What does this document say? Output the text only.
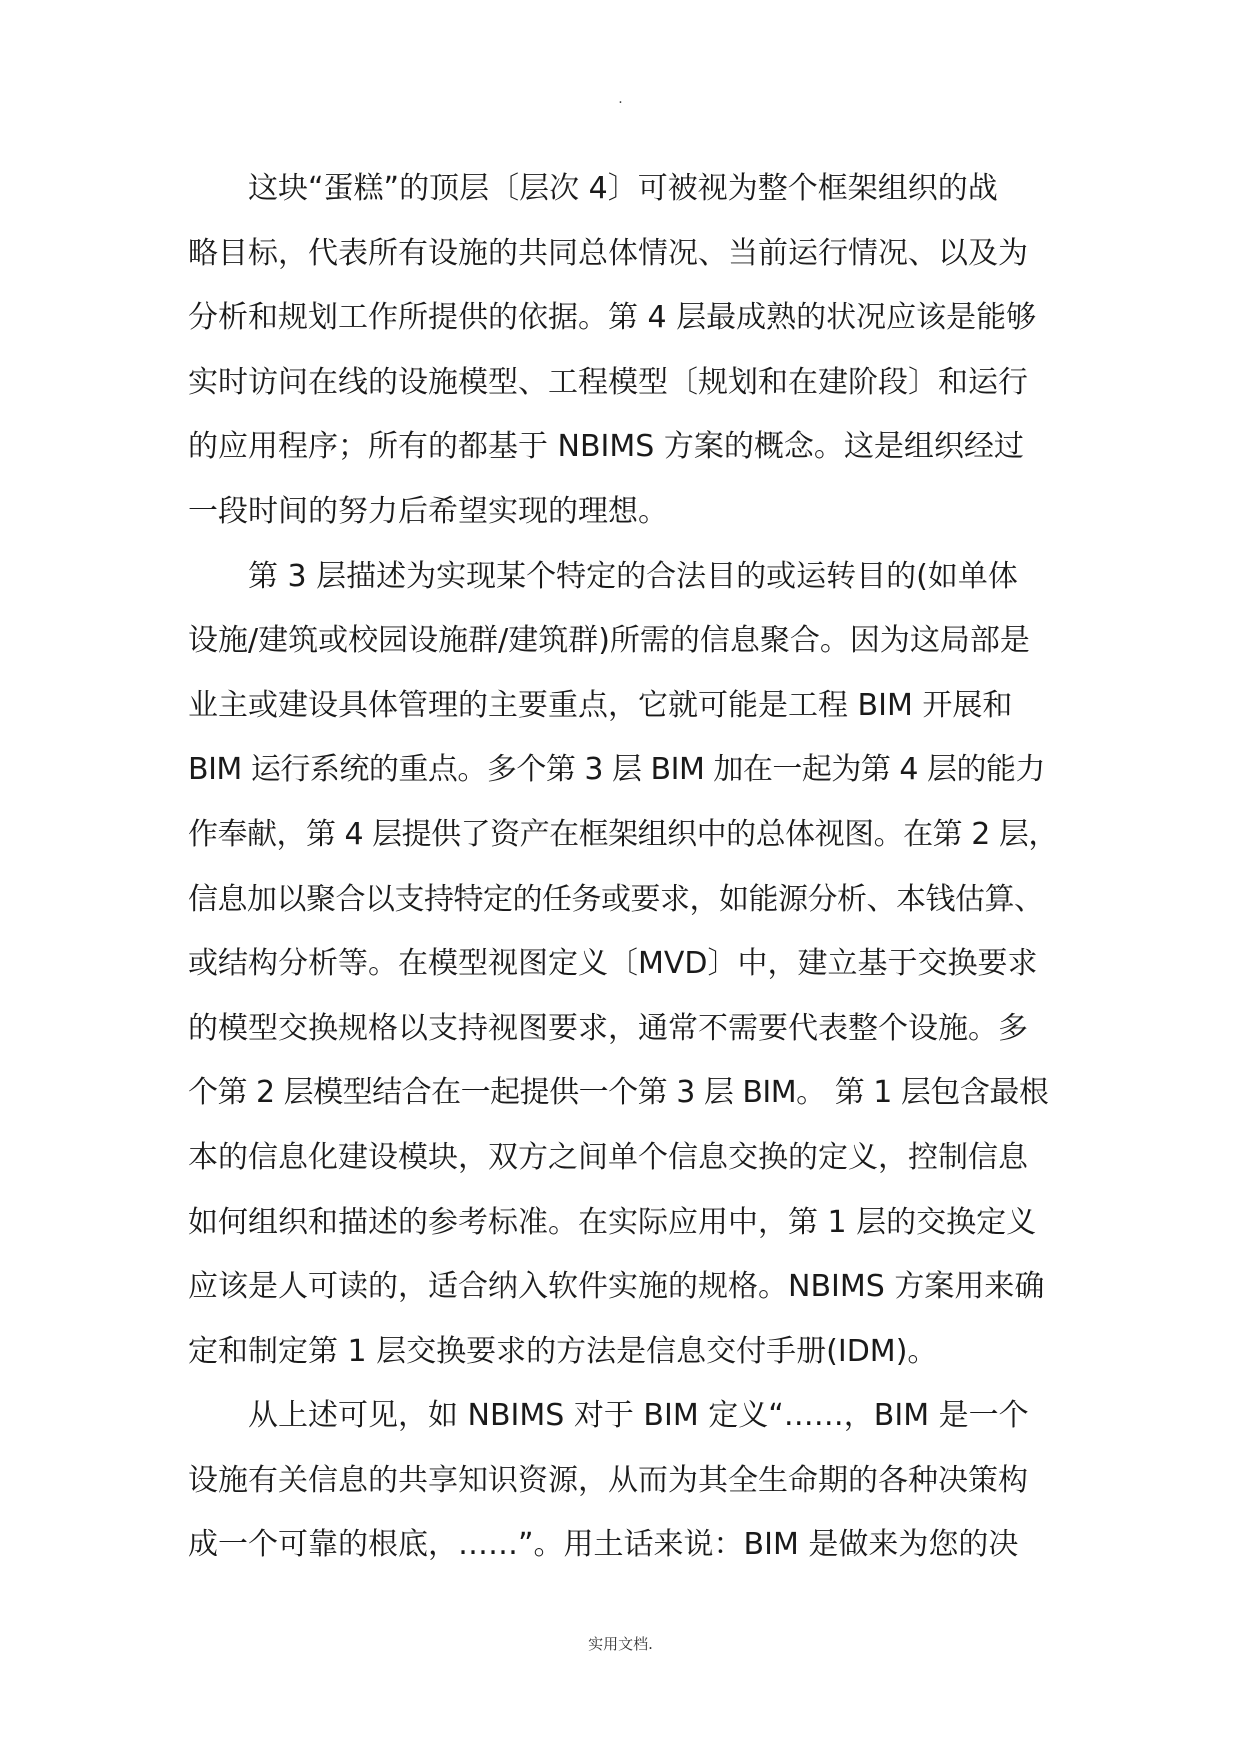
.

这块“蛋糕”的顶层〔层次 4〕可被视为整个框架组织的战
略目标，代表所有设施的共同总体情况、当前运行情况、以及为
分析和规划工作所提供的依据。第 4 层最成熟的状况应该是能够
实时访问在线的设施模型、工程模型〔规划和在建阶段〕和运行
的应用程序；所有的都基于 NBIMS 方案的概念。这是组织经过
一段时间的努力后希望实现的理想。

第 3 层描述为实现某个特定的合法目的或运转目的(如单体
设施/建筑或校园设施群/建筑群)所需的信息聚合。因为这局部是
业主或建设具体管理的主要重点，它就可能是工程 BIM 开展和
BIM 运行系统的重点。多个第 3 层 BIM 加在一起为第 4 层的能力
作奉献，第 4 层提供了资产在框架组织中的总体视图。在第 2 层，
信息加以聚合以支持特定的任务或要求，如能源分析、本钱估算、
或结构分析等。在模型视图定义〔MVD〕中，建立基于交换要求
的模型交换规格以支持视图要求，通常不需要代表整个设施。多
个第 2 层模型结合在一起提供一个第 3 层 BIM。 第 1 层包含最根
本的信息化建设模块，双方之间单个信息交换的定义，控制信息
如何组织和描述的参考标准。在实际应用中，第 1 层的交换定义
应该是人可读的，适合纳入软件实施的规格。NBIMS 方案用来确
定和制定第 1 层交换要求的方法是信息交付手册(IDM)。

从上述可见，如 NBIMS 对于 BIM 定义“……，BIM 是一个
设施有关信息的共享知识资源，从而为其全生命期的各种决策构
成一个可靠的根底，……”。用土话来说：BIM 是做来为您的决

实用文档.
